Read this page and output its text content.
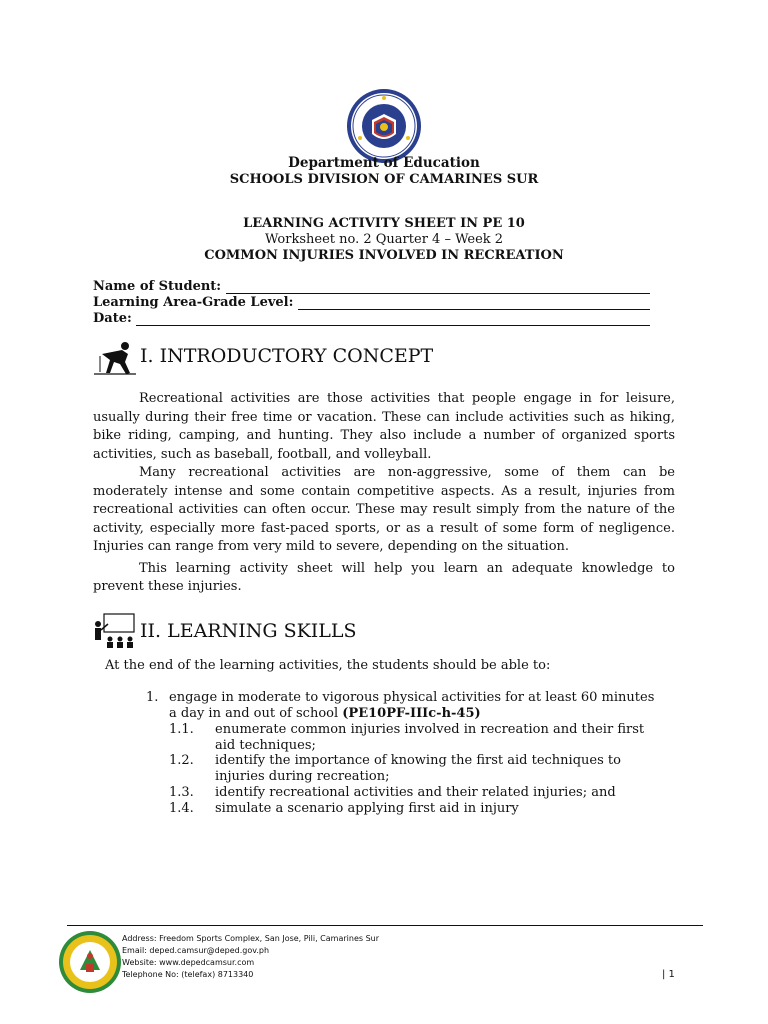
Department of Education
SCHOOLS DIVISION OF CAMARINES SUR
LEARNING ACTIVITY SHEET IN PE 10
Worksheet no. 2 Quarter 4 – Week 2
COMMON INJURIES INVOLVED IN RECREATION
Name of Student:
Learning Area-Grade Level:
Date:
I. INTRODUCTORY CONCEPT

Recreational activities are those activities that people engage in for leisure, usually during their free time or vacation. These can include activities such as hiking, bike riding, camping, and hunting. They also include a number of organized sports activities, such as baseball, football, and volleyball.

Many recreational activities are non-aggressive, some of them can be moderately intense and some contain competitive aspects. As a result, injuries from recreational activities can often occur. These may result simply from the nature of the activity, especially more fast-paced sports, or as a result of some form of negligence. Injuries can range from very mild to severe, depending on the situation.

This learning activity sheet will help you learn an adequate knowledge to prevent these injuries.

II. LEARNING SKILLS
At the end of the learning activities, the students should be able to:
1. engage in moderate to vigorous physical activities for at least 60 minutes
a day in and out of school (PE10PF-IIIc-h-45)
1.1. enumerate common injuries involved in recreation and their first
aid techniques;
1.2. identify the importance of knowing the first aid techniques to
injuries during recreation;
1.3. identify recreational activities and their related injuries; and
1.4. simulate a scenario applying first aid in injury
Address: Freedom Sports Complex, San Jose, Pili, Camarines Sur
Email: deped.camsur@deped.gov.ph
Website: www.depedcamsur.com
Telephone No: (telefax) 8713340	| 1
